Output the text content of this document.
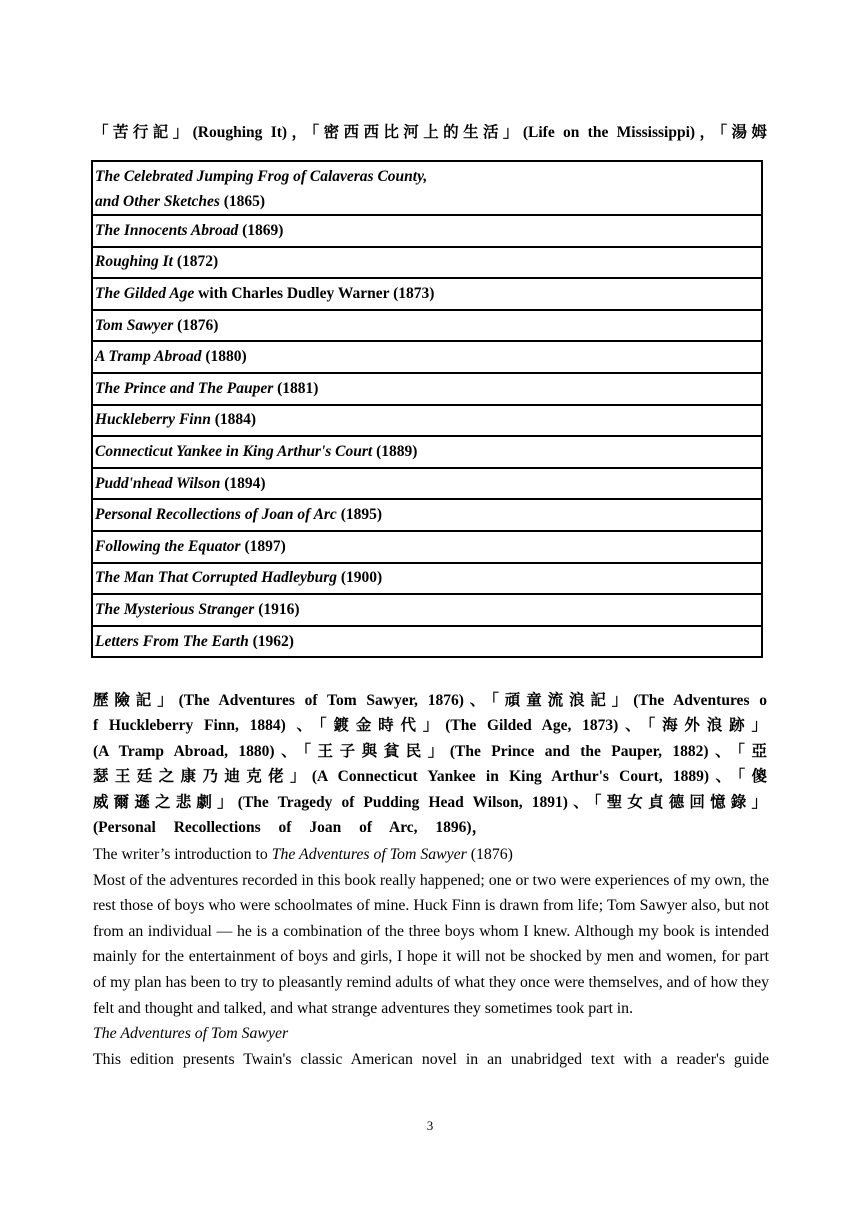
「苦行記」(Roughing It)，「密西西比河上的生活」(Life on the Mississippi)，「湯姆
The Celebrated Jumping Frog of Calaveras County,
and Other Sketches (1865)
The Innocents Abroad (1869)
Roughing It (1872)
The Gilded Age with Charles Dudley Warner (1873)
Tom Sawyer (1876)
A Tramp Abroad (1880)
The Prince and The Pauper (1881)
Huckleberry Finn (1884)
Connecticut Yankee in King Arthur's Court (1889)
Pudd'nhead Wilson (1894)
Personal Recollections of Joan of Arc (1895)
Following the Equator (1897)
The Man That Corrupted Hadleyburg (1900)
The Mysterious Stranger (1916)
Letters From The Earth (1962)
歷險記」(The Adventures of Tom Sawyer, 1876)、「頑童流浪記」(The Adventures o
f Huckleberry Finn, 1884) 、「鍍金時代」(The Gilded Age, 1873)、「海外浪跡」
(A Tramp Abroad, 1880)、「王子與貧民」(The Prince and the Pauper, 1882)、「亞
瑟王廷之康乃迪克佬」(A Connecticut Yankee in King Arthur's Court, 1889)、「傻
威爾遜之悲劇」(The Tragedy of Pudding Head Wilson, 1891)、「聖女貞德回憶錄」
(Personal Recollections of Joan of Arc, 1896)，

The writer’s introduction to The Adventures of Tom Sawyer (1876)

Most of the adventures recorded in this book really happened; one or two were experiences of my own, the rest those of boys who were schoolmates of mine. Huck Finn is drawn from life; Tom Sawyer also, but not from an individual — he is a combination of the three boys whom I knew. Although my book is intended mainly for the entertainment of boys and girls, I hope it will not be shocked by men and women, for part of my plan has been to try to pleasantly remind adults of what they once were themselves, and of how they felt and thought and talked, and what strange adventures they sometimes took part in.

The Adventures of Tom Sawyer

This edition presents Twain's classic American novel in an unabridged text with a reader's guide

3
